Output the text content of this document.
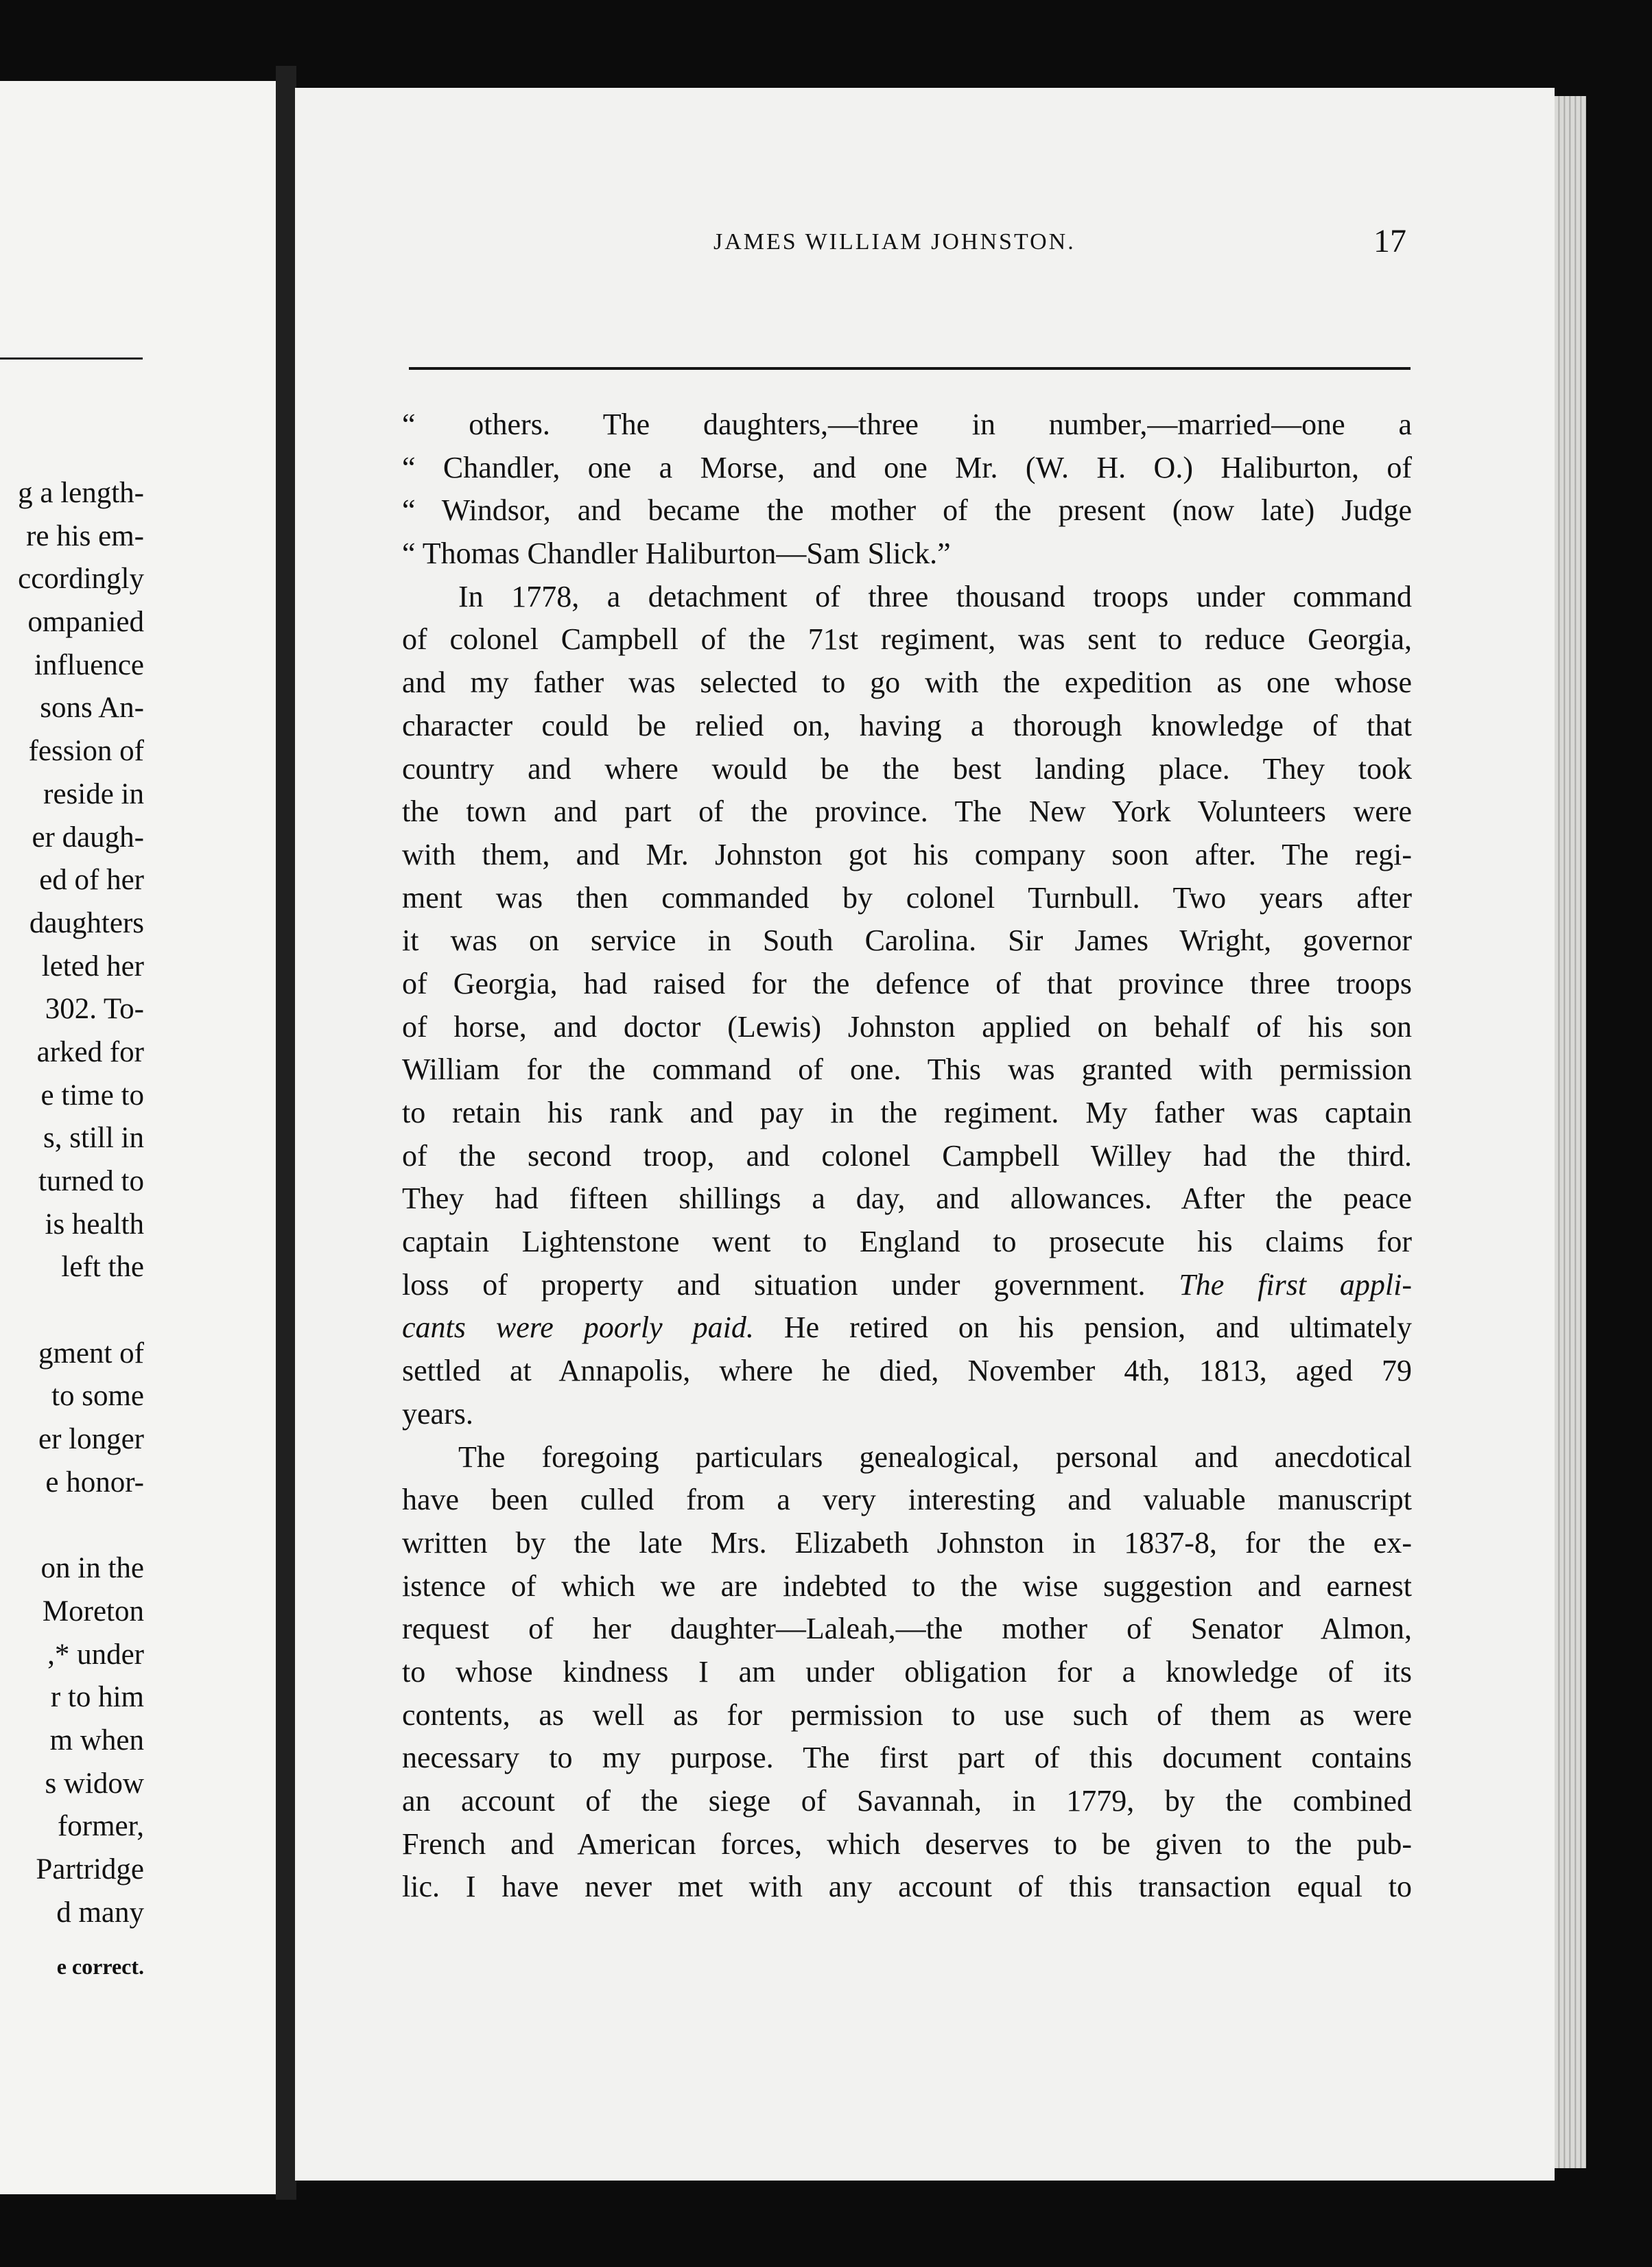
g a length-
re his em-
ccordingly
ompanied
influence
sons An-
fession of
reside in
er daugh-
ed of her
daughters
leted her
302. To-
arked for
e time to
s, still in
turned to
is health
left the
gment of
to some
er longer
e honor-
on in the
Moreton
,* under
r to him
m when
s widow
former,
Partridge
d many
e correct.
JAMES WILLIAM JOHNSTON.	17
“ others. The daughters,—three in number,—married—one a
“ Chandler, one a Morse, and one Mr. (W. H. O.) Haliburton, of
“ Windsor, and became the mother of the present (now late) Judge
“ Thomas Chandler Haliburton—Sam Slick.”
In 1778, a detachment of three thousand troops under command
of colonel Campbell of the 71st regiment, was sent to reduce Georgia,
and my father was selected to go with the expedition as one whose
character could be relied on, having a thorough knowledge of that
country and where would be the best landing place. They took
the town and part of the province. The New York Volunteers were
with them, and Mr. Johnston got his company soon after. The regi-
ment was then commanded by colonel Turnbull. Two years after
it was on service in South Carolina. Sir James Wright, governor
of Georgia, had raised for the defence of that province three troops
of horse, and doctor (Lewis) Johnston applied on behalf of his son
William for the command of one. This was granted with permission
to retain his rank and pay in the regiment. My father was captain
of the second troop, and colonel Campbell Willey had the third.
They had fifteen shillings a day, and allowances. After the peace
captain Lightenstone went to England to prosecute his claims for
loss of property and situation under government. The first appli-
cants were poorly paid. He retired on his pension, and ultimately
settled at Annapolis, where he died, November 4th, 1813, aged 79
years.
The foregoing particulars genealogical, personal and anecdotical
have been culled from a very interesting and valuable manuscript
written by the late Mrs. Elizabeth Johnston in 1837-8, for the ex-
istence of which we are indebted to the wise suggestion and earnest
request of her daughter—Laleah,—the mother of Senator Almon,
to whose kindness I am under obligation for a knowledge of its
contents, as well as for permission to use such of them as were
necessary to my purpose. The first part of this document contains
an account of the siege of Savannah, in 1779, by the combined
French and American forces, which deserves to be given to the pub-
lic. I have never met with any account of this transaction equal to
